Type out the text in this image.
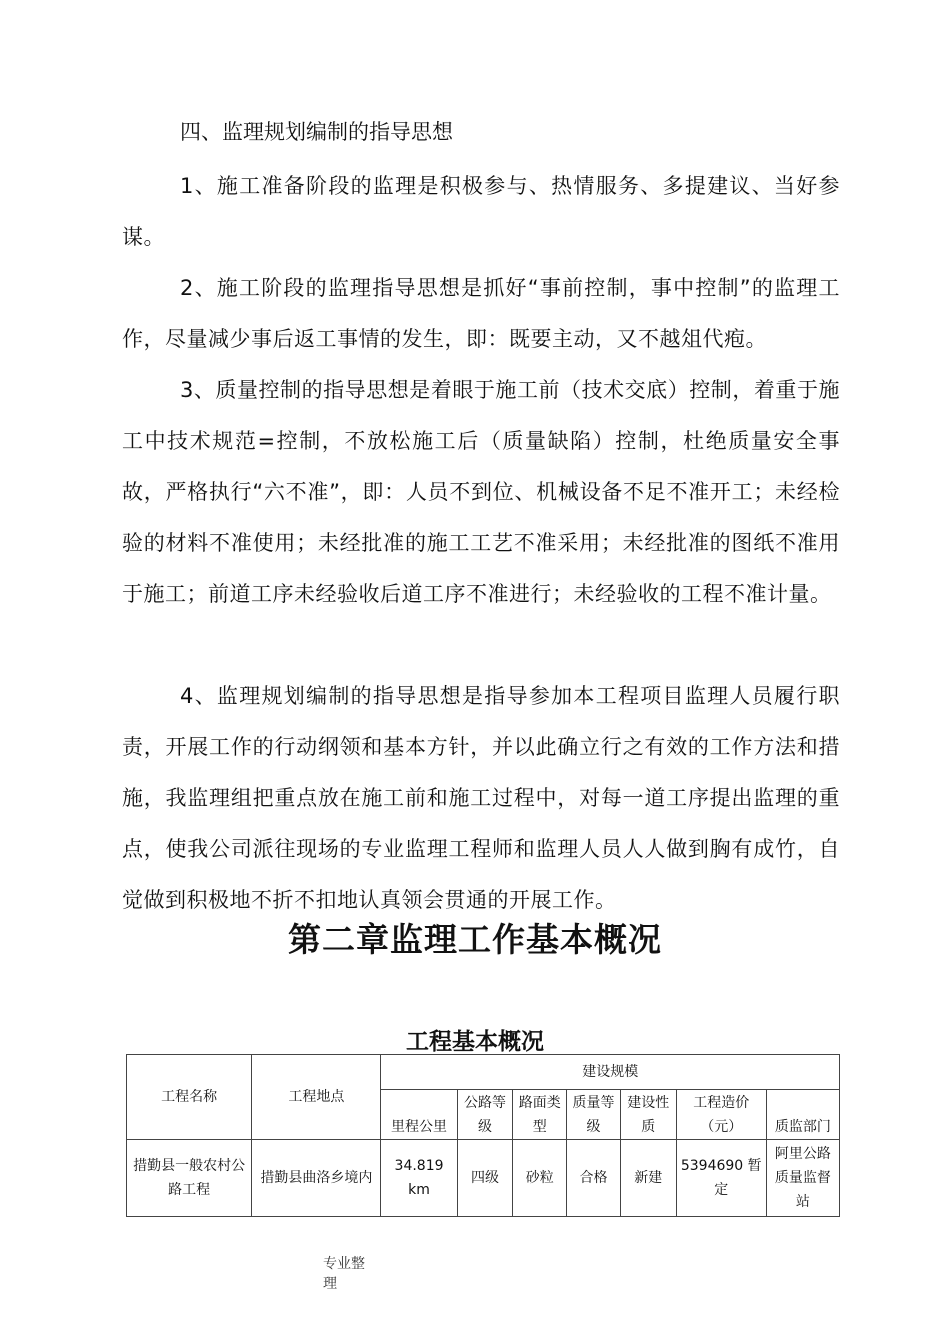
四、监理规划编制的指导思想

1、施工准备阶段的监理是积极参与、热情服务、多提建议、当好参谋。

2、施工阶段的监理指导思想是抓好“事前控制，事中控制”的监理工作，尽量减少事后返工事情的发生，即：既要主动，又不越俎代疱。

3、质量控制的指导思想是着眼于施工前（技术交底）控制，着重于施工中技术规范=控制，不放松施工后（质量缺陷）控制，杜绝质量安全事故，严格执行“六不准”，即：人员不到位、机械设备不足不准开工；未经检验的材料不准使用；未经批准的施工工艺不准采用；未经批准的图纸不准用于施工；前道工序未经验收后道工序不准进行；未经验收的工程不准计量。

4、监理规划编制的指导思想是指导参加本工程项目监理人员履行职责，开展工作的行动纲领和基本方针，并以此确立行之有效的工作方法和措施，我监理组把重点放在施工前和施工过程中，对每一道工序提出监理的重点，使我公司派往现场的专业监理工程师和监理人员人人做到胸有成竹，自觉做到积极地不折不扣地认真领会贯通的开展工作。

第二章监理工作基本概况
工程基本概况
工程名称	工程地点	建设规模						
		里程公里	公路等级	路面类型	质量等级	建设性质	工程造价（元）	质监部门
措勤县一般农村公路工程	措勤县曲洛乡境内	34.819 km	四级	砂粒	合格	新建	5394690 暂定	阿里公路质量监督站

专业整理
